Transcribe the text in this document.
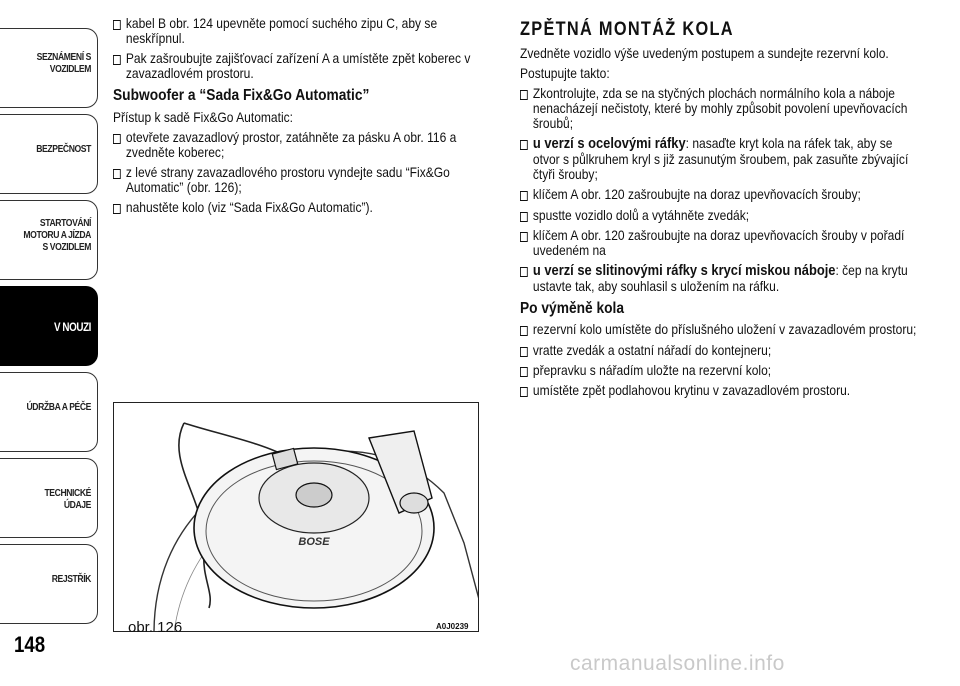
SEZNÁMENÍ S VOZIDLEM
BEZPEČNOST
STARTOVÁNÍ MOTORU A JÍZDA S VOZIDLEM
V NOUZI
ÚDRŽBA A PÉČE
TECHNICKÉ ÚDAJE
REJSTŘÍK
148

kabel B obr. 124 upevněte pomocí suchého zipu C, aby se neskřípnul.

Pak zašroubujte zajišťovací zařízení A a umístěte zpět koberec v zavazadlovém prostoru.

Subwoofer a “Sada Fix&Go Automatic”

Přístup k sadě Fix&Go Automatic:

otevřete zavazadlový prostor, zatáhněte za pásku A obr. 116 a zvedněte koberec;

z levé strany zavazadlového prostoru vyndejte sadu “Fix&Go Automatic” (obr. 126);

nahustěte kolo (viz “Sada Fix&Go Automatic”).

BOSE
obr. 126	A0J0239

ZPĚTNÁ MONTÁŽ KOLA

Zvedněte vozidlo výše uvedeným postupem a sundejte rezervní kolo.

Postupujte takto:

Zkontrolujte, zda se na styčných plochách normálního kola a náboje nenacházejí nečistoty, které by mohly způsobit povolení upevňovacích šroubů;

u verzí s ocelovými ráfky: nasaďte kryt kola na ráfek tak, aby se otvor s půlkruhem kryl s již zasunutým šroubem, pak zasuňte zbývající čtyři šrouby;

klíčem A obr. 120 zašroubujte na doraz upevňovacích šrouby;

spustte vozidlo dolů a vytáhněte zvedák;

klíčem A obr. 120 zašroubujte na doraz upevňovacích šrouby v pořadí uvedeném na

u verzí se slitinovými ráfky s krycí miskou náboje: čep na krytu ustavte tak, aby souhlasil s uložením na ráfku.

Po výměně kola

rezervní kolo umístěte do příslušného uložení v zavazadlovém prostoru;

vratte zvedák a ostatní nářadí do kontejneru;

přepravku s nářadím uložte na rezervní kolo;

umístěte zpět podlahovou krytinu v zavazadlovém prostoru.

carmanualsonline.info
